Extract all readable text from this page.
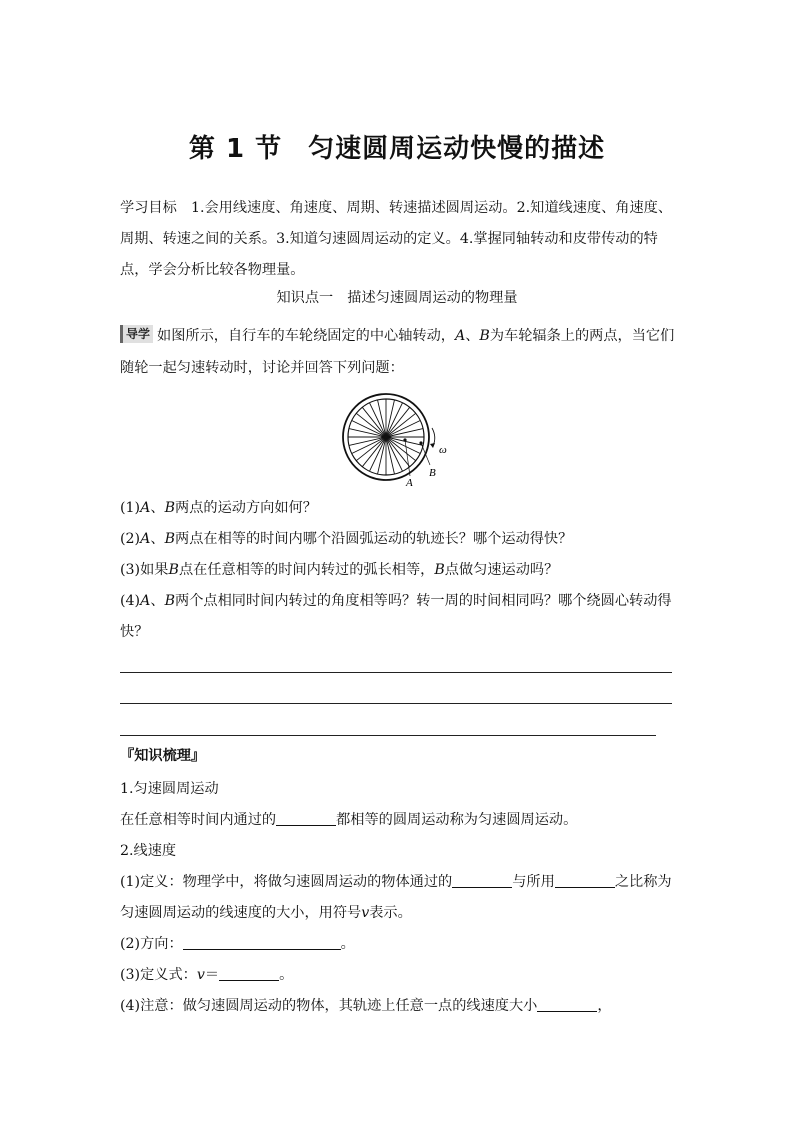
第 1 节 匀速圆周运动快慢的描述
学习目标　1.会用线速度、角速度、周期、转速描述圆周运动。2.知道线速度、角速度、周期、转速之间的关系。3.知道匀速圆周运动的定义。4.掌握同轴转动和皮带传动的特点，学会分析比较各物理量。
知识点一 描述匀速圆周运动的物理量
导学 如图所示，自行车的车轮绕固定的中心轴转动，A、B为车轮辐条上的两点，当它们随轮一起匀速转动时，讨论并回答下列问题：
A
B
ω
(1)A、B两点的运动方向如何？
(2)A、B两点在相等的时间内哪个沿圆弧运动的轨迹长？哪个运动得快？
(3)如果B点在任意相等的时间内转过的弧长相等，B点做匀速运动吗？
(4)A、B两个点相同时间内转过的角度相等吗？转一周的时间相同吗？哪个绕圆心转动得快？
『知识梳理』
1.匀速圆周运动
在任意相等时间内通过的	都相等的圆周运动称为匀速圆周运动。
2.线速度
(1)定义：物理学中，将做匀速圆周运动的物体通过的	与所用	之比称为匀速圆周运动的线速度的大小，用符号v表示。
(2)方向：	。
(3)定义式：v＝	。
(4)注意：做匀速圆周运动的物体，其轨迹上任意一点的线速度大小	，
